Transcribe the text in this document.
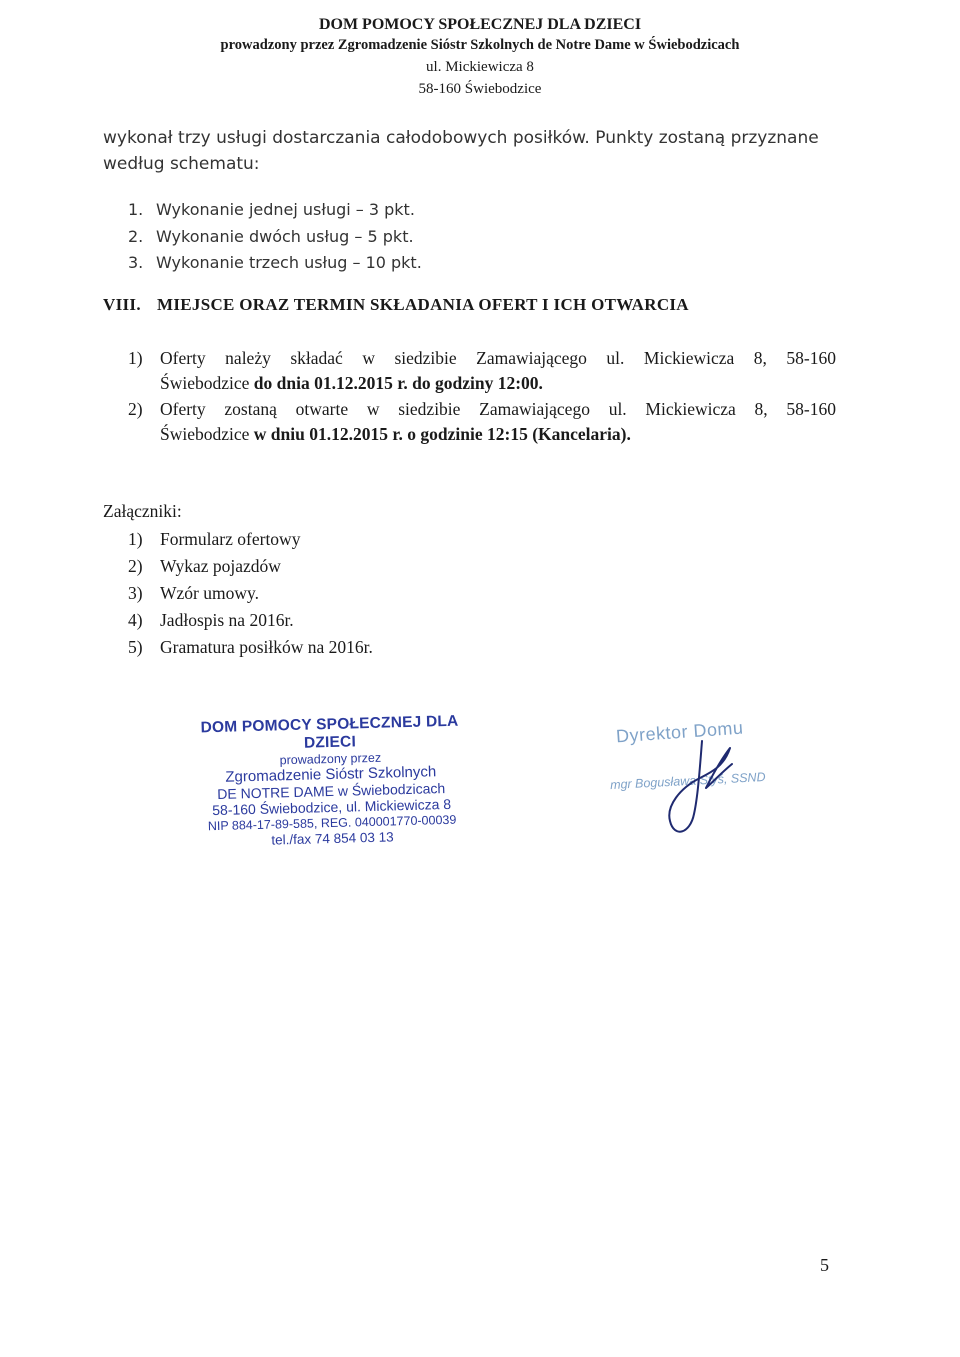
DOM POMOCY SPOŁECZNEJ DLA DZIECI
prowadzony przez Zgromadzenie Sióstr Szkolnych de Notre Dame w Świebodzicach
ul. Mickiewicza 8
58-160 Świebodzice
wykonał trzy usługi dostarczania całodobowych posiłków. Punkty zostaną przyznane według schematu:
1. Wykonanie jednej usługi – 3 pkt.
2. Wykonanie dwóch usług – 5 pkt.
3. Wykonanie trzech usług – 10 pkt.
VIII. MIEJSCE ORAZ TERMIN SKŁADANIA OFERT I ICH OTWARCIA
1) Oferty należy składać w siedzibie Zamawiającego ul. Mickiewicza 8, 58-160
Świebodzice do dnia 01.12.2015 r. do godziny 12:00.
2) Oferty zostaną otwarte w siedzibie Zamawiającego ul. Mickiewicza 8, 58-160
Świebodzice w dniu 01.12.2015 r. o godzinie 12:15 (Kancelaria).
Załączniki:
1) Formularz ofertowy
2) Wykaz pojazdów
3) Wzór umowy.
4) Jadłospis na 2016r.
5) Gramatura posiłków na 2016r.
DOM POMOCY SPOŁECZNEJ DLA DZIECI
prowadzony przez
Zgromadzenie Sióstr Szkolnych
DE NOTRE DAME w Świebodzicach
58-160 Świebodzice, ul. Mickiewicza 8
NIP 884-17-89-585, REG. 040001770-00039
tel./fax 74 854 03 13
Dyrektor Domu
mgr Bogusława Styś, SSND
5
